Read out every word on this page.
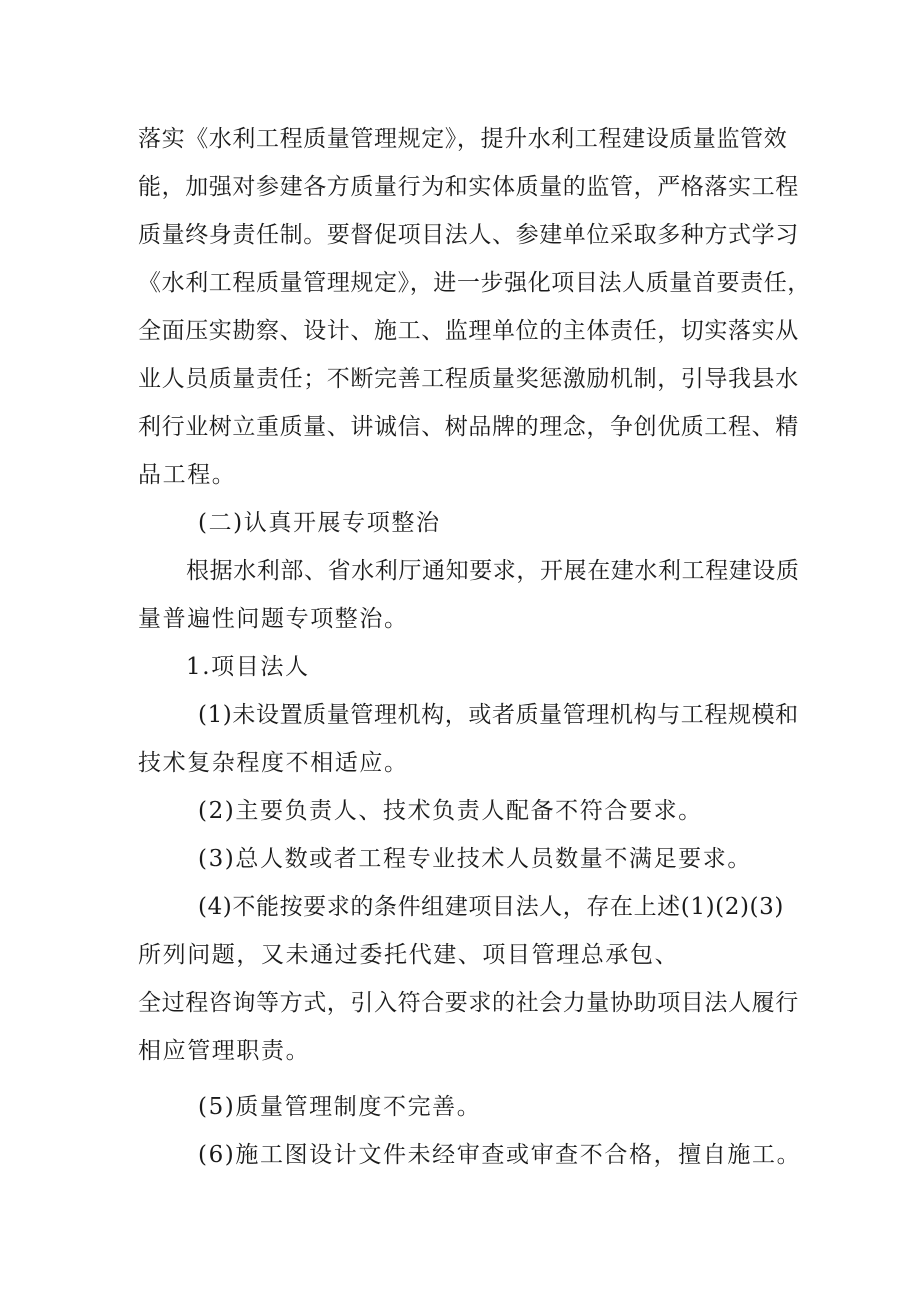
落实《水利工程质量管理规定》，提升水利工程建设质量监管效
能，加强对参建各方质量行为和实体质量的监管，严格落实工程
质量终身责任制。要督促项目法人、参建单位采取多种方式学习
《水利工程质量管理规定》，进一步强化项目法人质量首要责任，
全面压实勘察、设计、施工、监理单位的主体责任，切实落实从
业人员质量责任；不断完善工程质量奖惩激励机制，引导我县水
利行业树立重质量、讲诚信、树品牌的理念，争创优质工程、精
品工程。
(二)认真开展专项整治
根据水利部、省水利厅通知要求，开展在建水利工程建设质
量普遍性问题专项整治。
1.项目法人
(1)未设置质量管理机构，或者质量管理机构与工程规模和
技术复杂程度不相适应。
(2)主要负责人、技术负责人配备不符合要求。
(3)总人数或者工程专业技术人员数量不满足要求。
(4)不能按要求的条件组建项目法人，存在上述(1)(2)(3)
所列问题，又未通过委托代建、项目管理总承包、
全过程咨询等方式，引入符合要求的社会力量协助项目法人履行
相应管理职责。
(5)质量管理制度不完善。
(6)施工图设计文件未经审查或审查不合格，擅自施工。
